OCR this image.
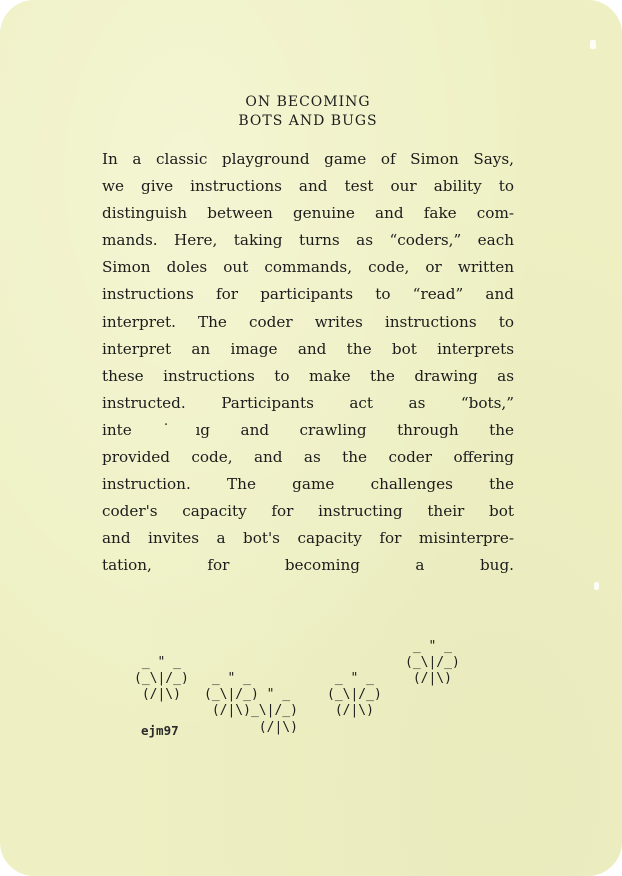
ON BECOMING
BOTS AND BUGS
In a classic playground game of Simon Says,
we give instructions and test our ability to
distinguish between genuine and fake com-
mands. Here, taking turns as “coders,” each
Simon doles out commands, code, or written
instructions for participants to “read” and
interpret. The coder writes instructions to
interpret an image and the bot interprets
these instructions to make the drawing as
instructed. Participants act as “bots,”
inte ˙ıg and crawling through the
provided code, and as the coder offering
instruction. The game challenges the
coder's capacity for instructing their bot
and invites a bot's capacity for misinterpre-
tation, for becoming a bug.
_ " _
(_\|/_)
(/|\)
_ " _
(_\|/_) " _
(/|\)_\|/_)
(/|\)
_ " _
(_\|/_)
(/|\)
_ " _
(_\|/_)
(/|\)
ejm97
